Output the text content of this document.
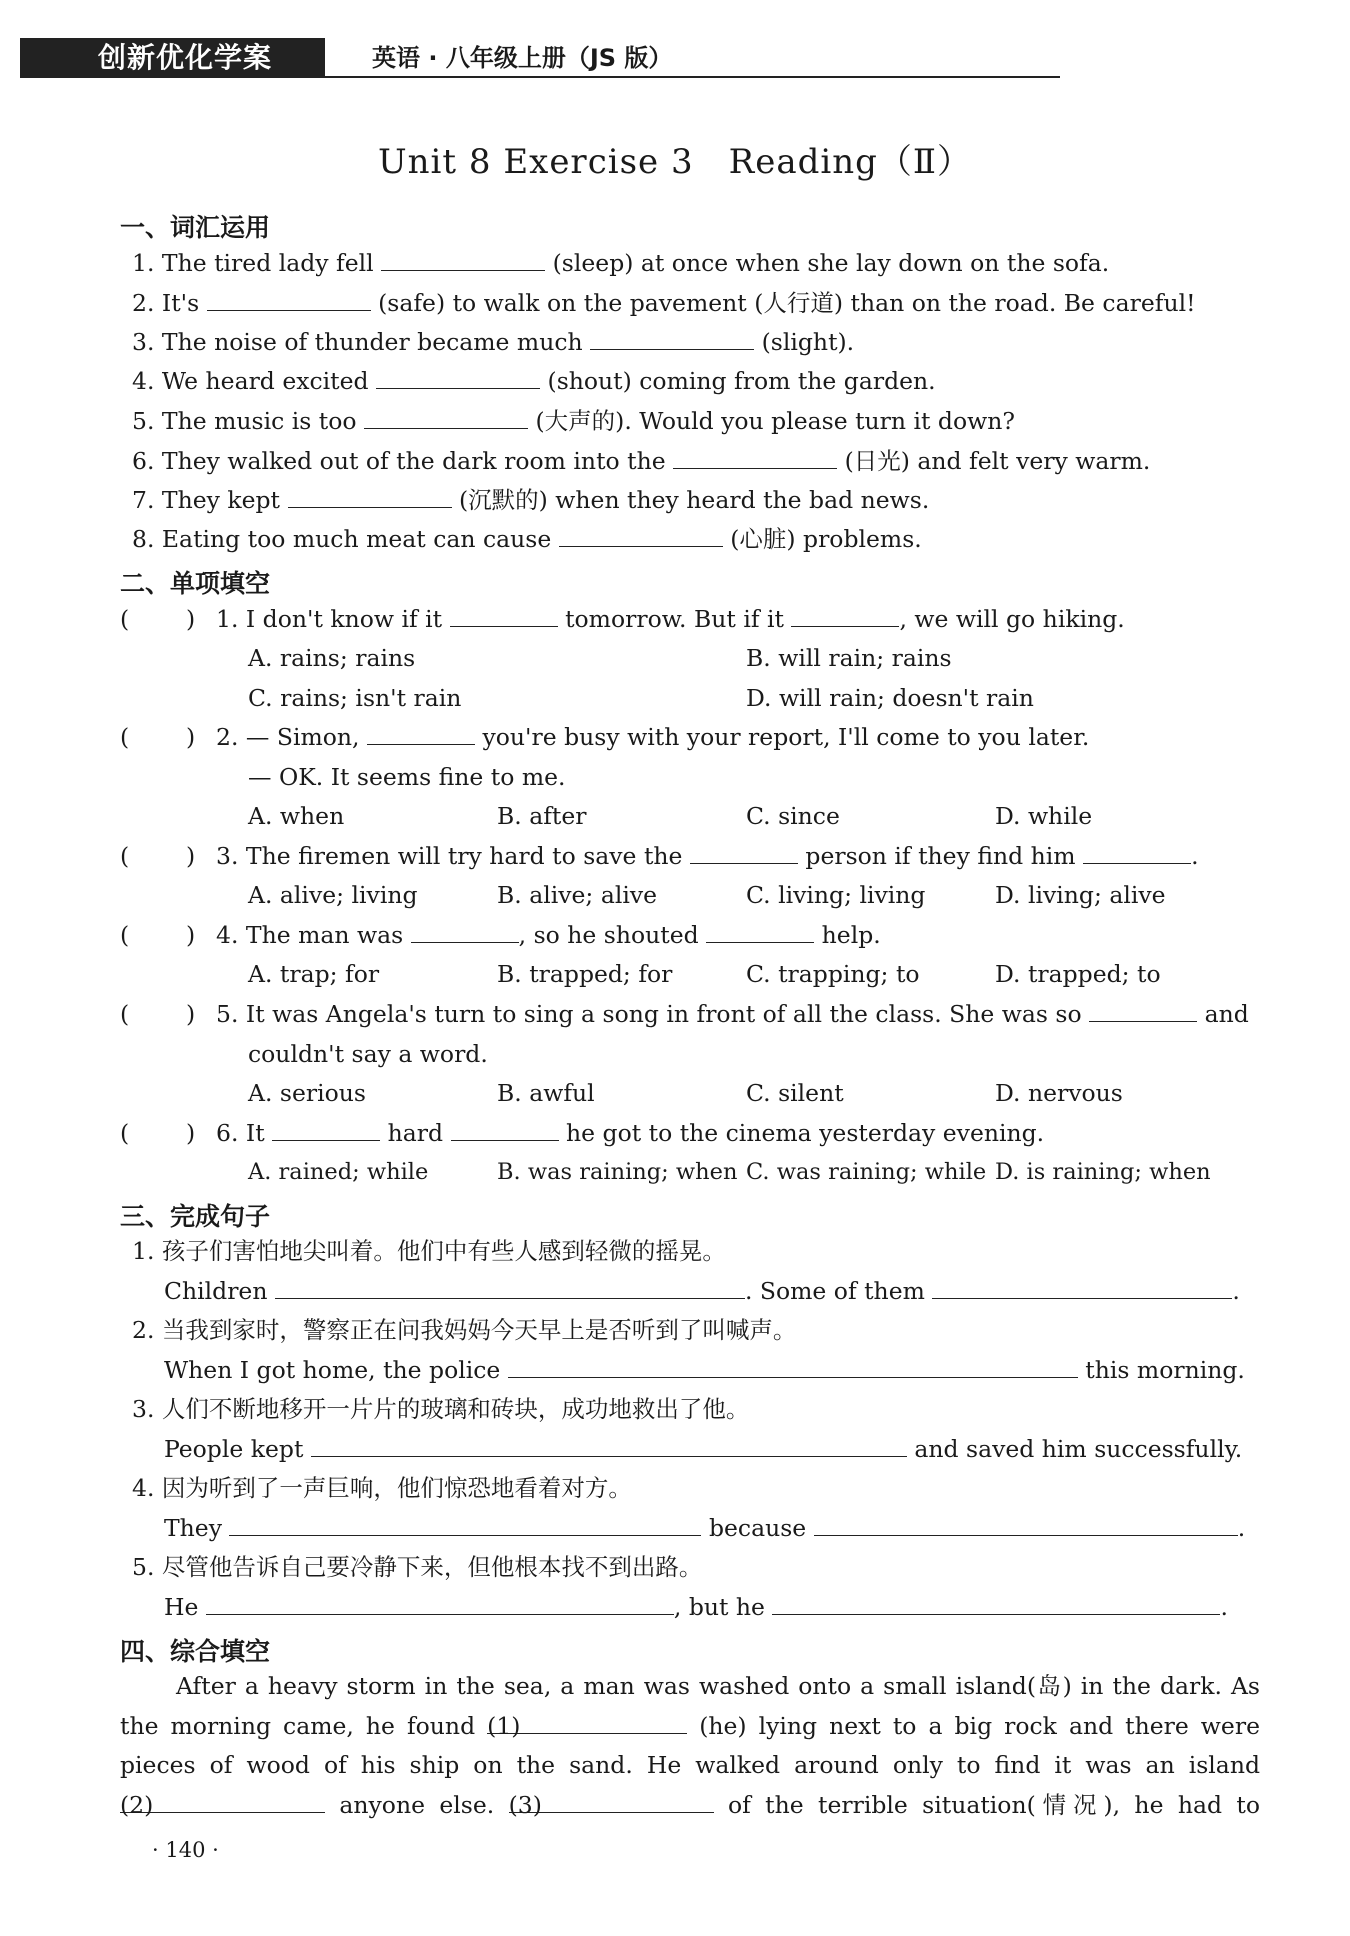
创新优化学案	英语 · 八年级上册（JS 版）
Unit 8 Exercise 3　Reading（Ⅱ）
一、词汇运用
1. The tired lady fell	(sleep) at once when she lay down on the sofa.
2. It's	(safe) to walk on the pavement (人行道) than on the road. Be careful!
3. The noise of thunder became much	(slight).
4. We heard excited	(shout) coming from the garden.
5. The music is too	(大声的). Would you please turn it down?
6. They walked out of the dark room into the	(日光) and felt very warm.
7. They kept	(沉默的) when they heard the bad news.
8. Eating too much meat can cause	(心脏) problems.
二、单项填空
( ) 1. I don't know if it	tomorrow. But if it	, we will go hiking.
A. rains; rains	B. will rain; rains
C. rains; isn't rain	D. will rain; doesn't rain
( ) 2. — Simon,	you're busy with your report, I'll come to you later.
— OK. It seems fine to me.
A. when	B. after	C. since	D. while
( ) 3. The firemen will try hard to save the	person if they find him	.
A. alive; living	B. alive; alive	C. living; living	D. living; alive
( ) 4. The man was	, so he shouted	help.
A. trap; for	B. trapped; for	C. trapping; to	D. trapped; to
( ) 5. It was Angela's turn to sing a song in front of all the class. She was so	and
couldn't say a word.
A. serious	B. awful	C. silent	D. nervous
( ) 6. It	hard	he got to the cinema yesterday evening.
A. rained; while	B. was raining; when C. was raining; while D. is raining; when
三、完成句子
1. 孩子们害怕地尖叫着。他们中有些人感到轻微的摇晃。
Children	. Some of them	.
2. 当我到家时，警察正在问我妈妈今天早上是否听到了叫喊声。
When I got home, the police	this morning.
3. 人们不断地移开一片片的玻璃和砖块，成功地救出了他。
People kept	and saved him successfully.
4. 因为听到了一声巨响，他们惊恐地看着对方。
They	because	.
5. 尽管他告诉自己要冷静下来，但他根本找不到出路。
He	, but he	.
四、综合填空
After a heavy storm in the sea, a man was washed onto a small island(岛) in the dark. As
the morning came, he found (1)	(he) lying next to a big rock and there were
pieces of wood of his ship on the sand. He walked around only to find it was an island
(2)	anyone else. (3)	of the terrible situation(情况), he had to
· 140 ·
